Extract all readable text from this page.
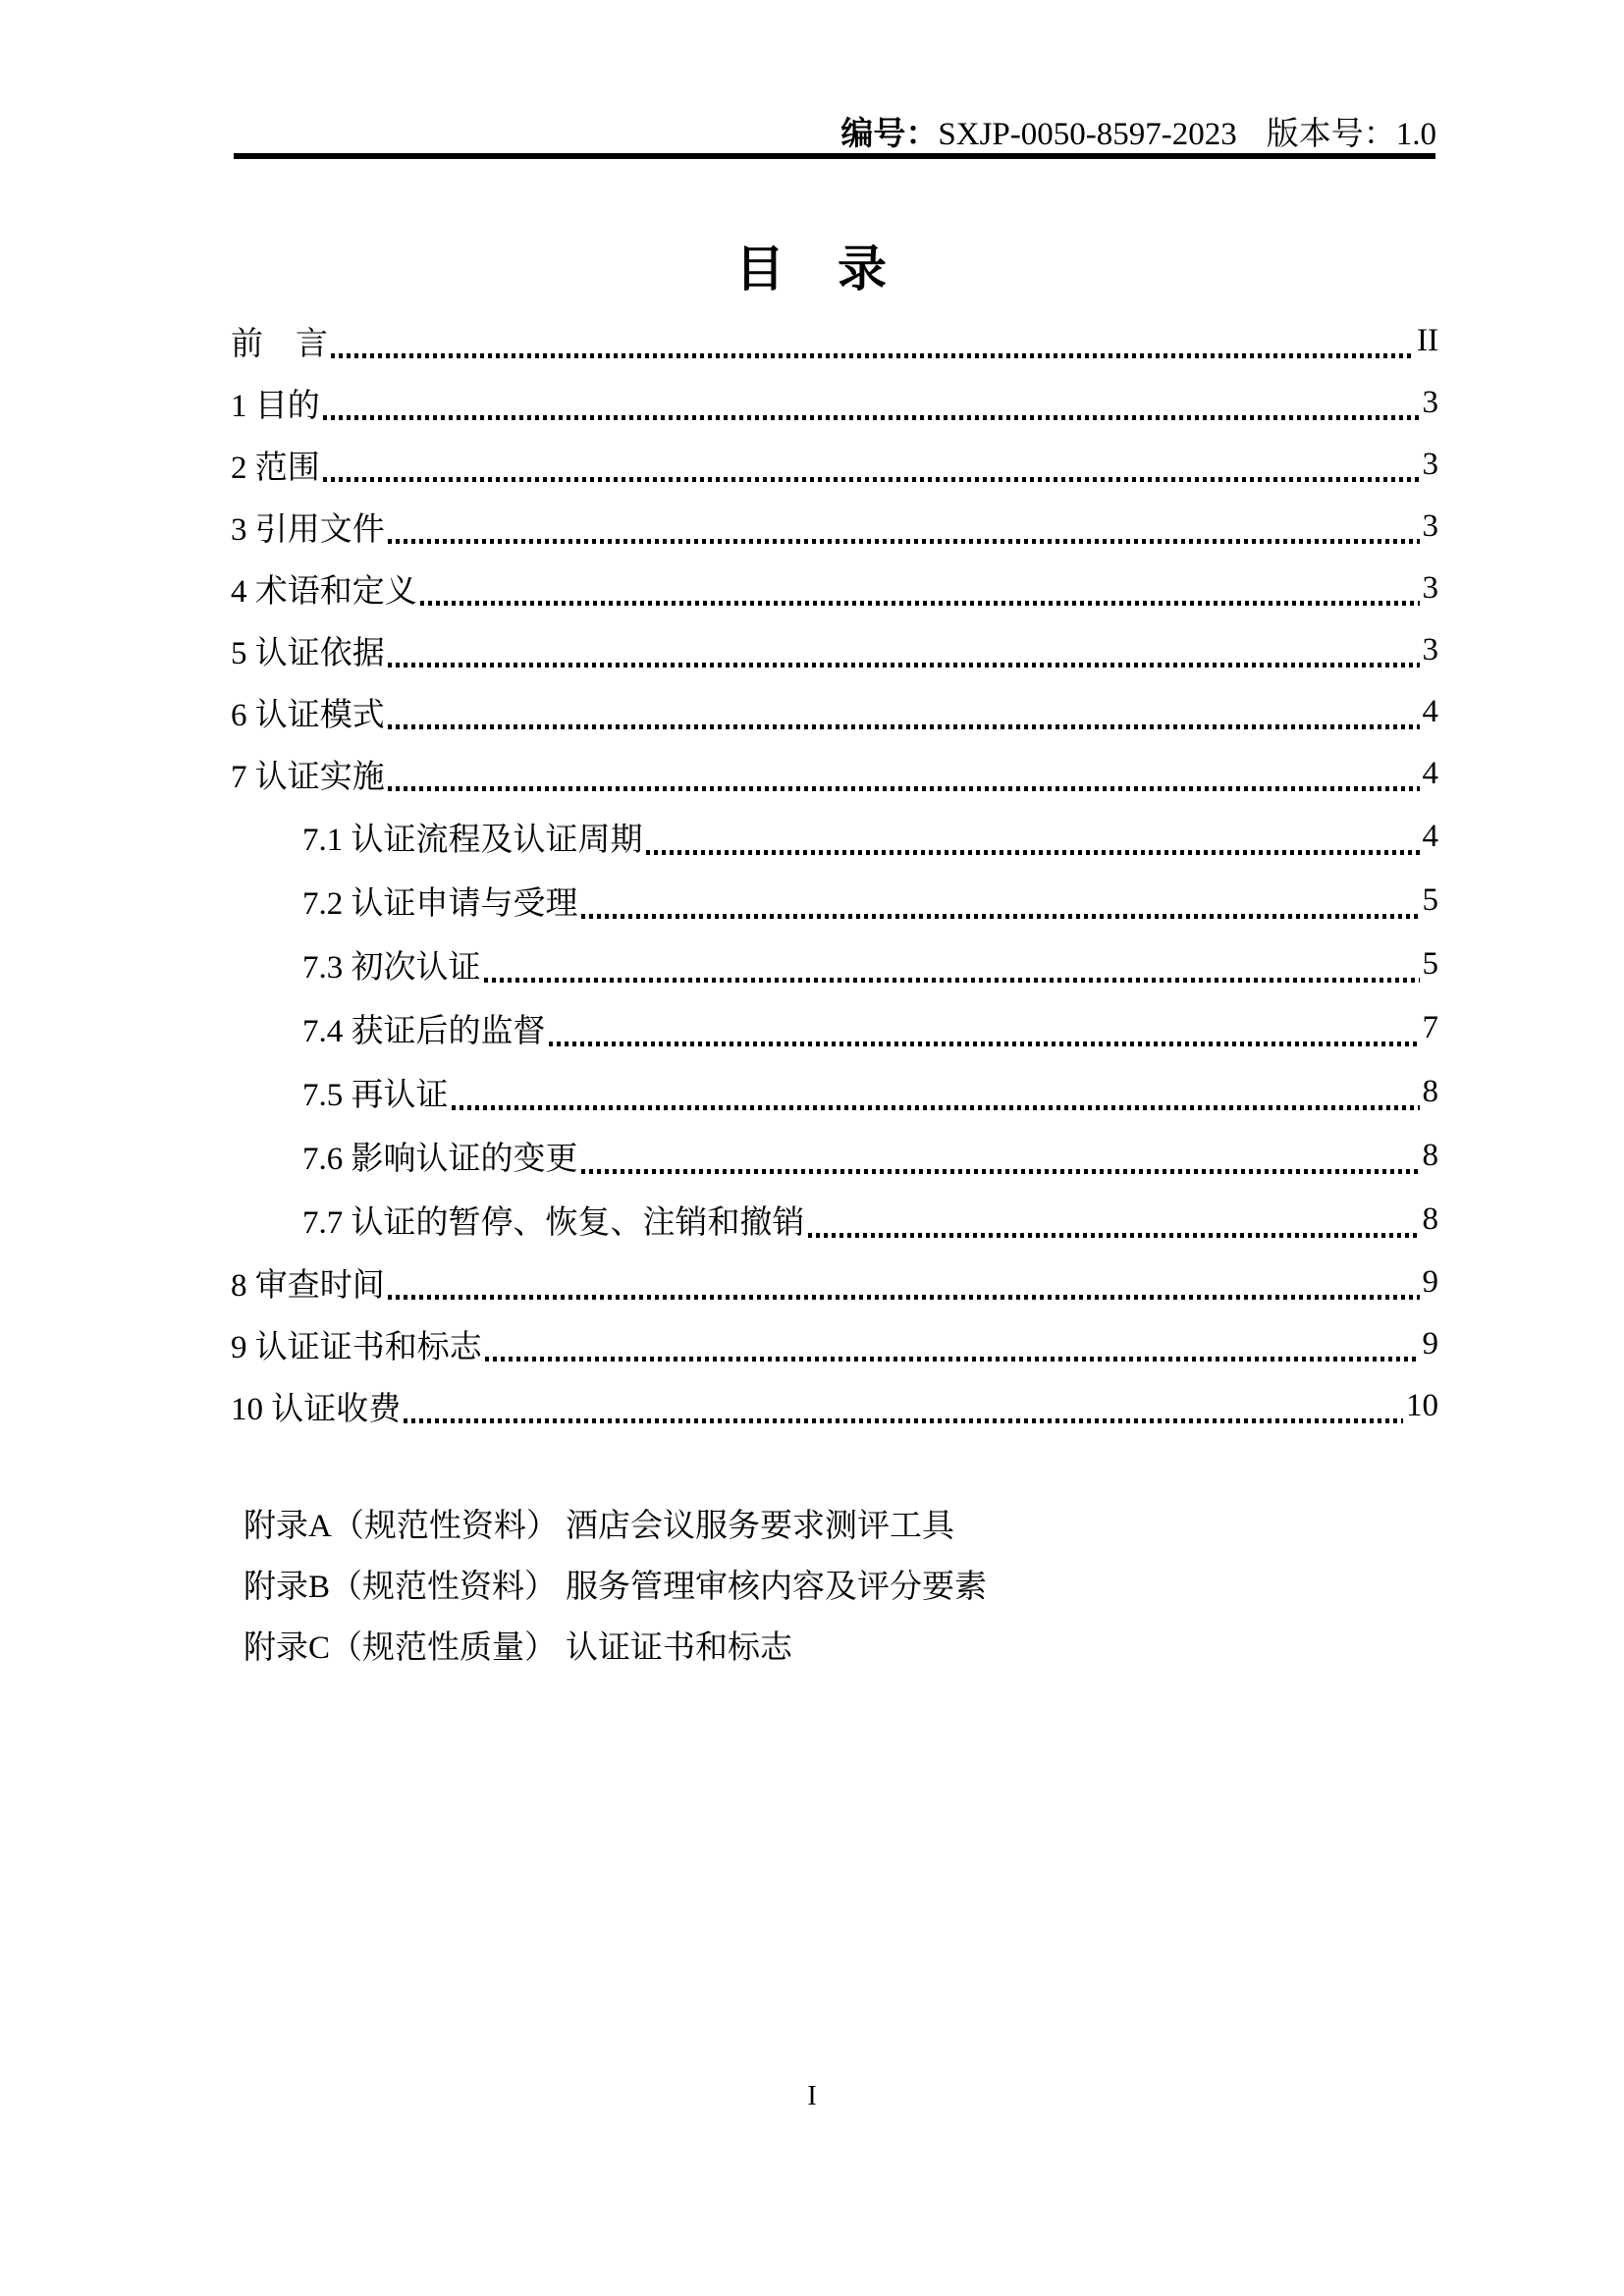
编号：SXJP-0050-8597-2023 版本号：1.0
目　录
前　言	II
1 目的	3
2 范围	3
3 引用文件	3
4 术语和定义	3
5 认证依据	3
6 认证模式	4
7 认证实施	4
7.1 认证流程及认证周期	4
7.2 认证申请与受理	5
7.3 初次认证	5
7.4 获证后的监督	7
7.5 再认证	8
7.6 影响认证的变更	8
7.7 认证的暂停、恢复、注销和撤销	8
8 审查时间	9
9 认证证书和标志	9
10 认证收费	10
附录A（规范性资料） 酒店会议服务要求测评工具
附录B（规范性资料） 服务管理审核内容及评分要素
附录C（规范性质量） 认证证书和标志
I
